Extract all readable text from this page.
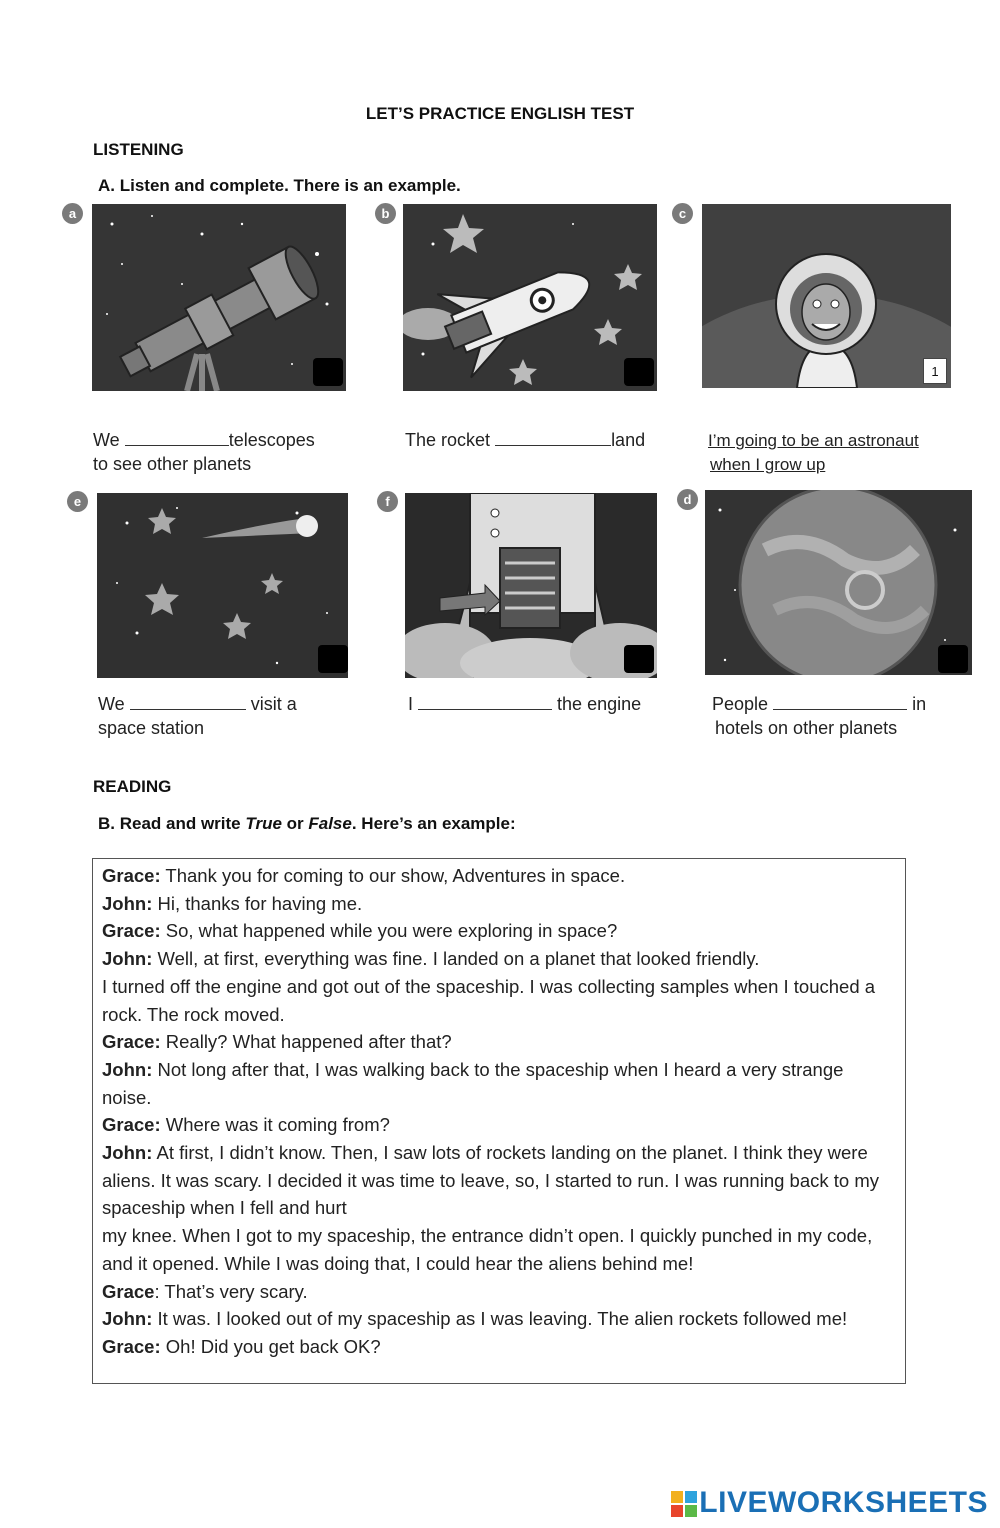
LET’S PRACTICE ENGLISH TEST
LISTENING
A. Listen and complete. There is an example.
a	b	c
1
We	telescopes
to see other planets
The rocket	land	I’m going to be an astronaut
when I grow up
e	f	d
We	visit a
space station
I	the engine	People	in
hotels on other planets
READING
B. Read and write True or False. Here’s an example:

Grace: Thank you for coming to our show, Adventures in space.

John: Hi, thanks for having me.

Grace: So, what happened while you were exploring in space?

John: Well, at first, everything was fine. I landed on a planet that looked friendly.

I turned off the engine and got out of the spaceship. I was collecting samples when I touched a rock. The rock moved.

Grace: Really? What happened after that?

John: Not long after that, I was walking back to the spaceship when I heard a very strange noise.

Grace: Where was it coming from?

John: At first, I didn’t know. Then, I saw lots of rockets landing on the planet. I think they were aliens. It was scary. I decided it was time to leave, so, I started to run. I was running back to my spaceship when I fell and hurt

my knee. When I got to my spaceship, the entrance didn’t open. I quickly punched in my code, and it opened. While I was doing that, I could hear the aliens behind me!

Grace: That’s very scary.

John: It was. I looked out of my spaceship as I was leaving. The alien rockets followed me!

Grace: Oh! Did you get back OK?

LIVEWORKSHEETS
